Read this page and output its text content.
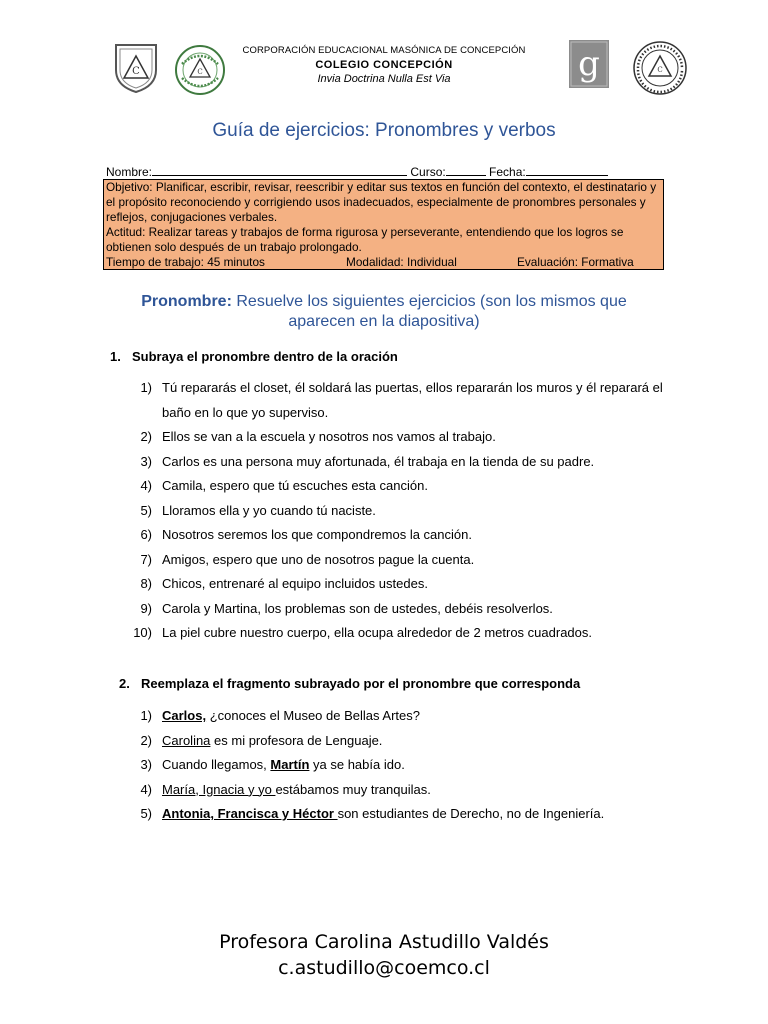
C	C	g	C
CORPORACIÓN EDUCACIONAL MASÓNICA DE CONCEPCIÓN
COLEGIO CONCEPCIÓN
Invia Doctrina Nulla Est Via
Guía de ejercicios: Pronombres y verbos
Nombre:	Curso:	Fecha:
Objetivo: Planificar, escribir, revisar, reescribir y editar sus textos en función del contexto, el destinatario y el propósito reconociendo y corrigiendo usos inadecuados, especialmente de pronombres personales y reflejos, conjugaciones verbales.
Actitud: Realizar tareas y trabajos de forma rigurosa y perseverante, entendiendo que los logros se obtienen solo después de un trabajo prolongado.
Tiempo de trabajo: 45 minutos	Modalidad: Individual	Evaluación: Formativa
Pronombre: Resuelve los siguientes ejercicios (son los mismos que aparecen en la diapositiva)
1. Subraya el pronombre dentro de la oración
1) Tú repararás el closet, él soldará las puertas, ellos repararán los muros y él reparará el baño en lo que yo superviso.
2) Ellos se van a la escuela y nosotros nos vamos al trabajo.
3) Carlos es una persona muy afortunada, él trabaja en la tienda de su padre.
4) Camila, espero que tú escuches esta canción.
5) Lloramos ella y yo cuando tú naciste.
6) Nosotros seremos los que compondremos la canción.
7) Amigos, espero que uno de nosotros pague la cuenta.
8) Chicos, entrenaré al equipo incluidos ustedes.
9) Carola y Martina, los problemas son de ustedes, debéis resolverlos.
10) La piel cubre nuestro cuerpo, ella ocupa alrededor de 2 metros cuadrados.
2. Reemplaza el fragmento subrayado por el pronombre que corresponda
1) Carlos, ¿conoces el Museo de Bellas Artes?
2) Carolina es mi profesora de Lenguaje.
3) Cuando llegamos, Martín ya se había ido.
4) María, Ignacia y yo estábamos muy tranquilas.
5) Antonia, Francisca y Héctor son estudiantes de Derecho, no de Ingeniería.
Profesora Carolina Astudillo Valdés
c.astudillo@coemco.cl
